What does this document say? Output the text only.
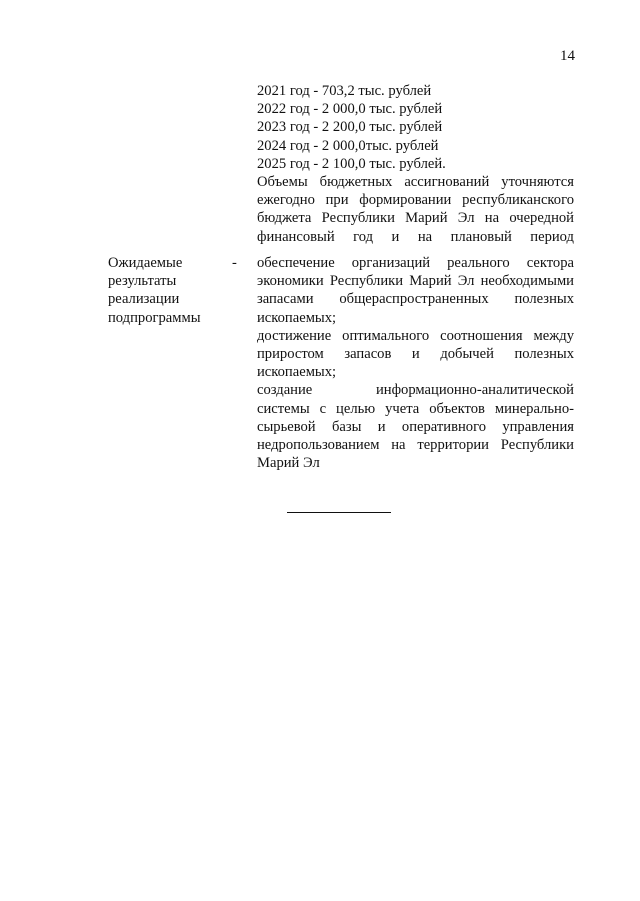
14
2021 год - 703,2 тыс. рублей
2022 год - 2 000,0 тыс. рублей
2023 год - 2 200,0 тыс. рублей
2024 год - 2 000,0тыс. рублей
2025 год - 2 100,0 тыс. рублей.
Объемы бюджетных ассигнований уточняются
ежегодно при формировании республиканского
бюджета Республики Марий Эл на очередной
финансовый год и на плановый период
Ожидаемые
результаты
реализации
подпрограммы
- обеспечение организаций реального сектора
экономики Республики Марий Эл необходимыми
запасами общераспространенных полезных
ископаемых;
достижение оптимального соотношения между
приростом запасов и добычей полезных
ископаемых;
создание информационно-аналитической
системы с целью учета объектов минерально-
сырьевой базы и оперативного управления
недропользованием на территории Республики
Марий Эл
